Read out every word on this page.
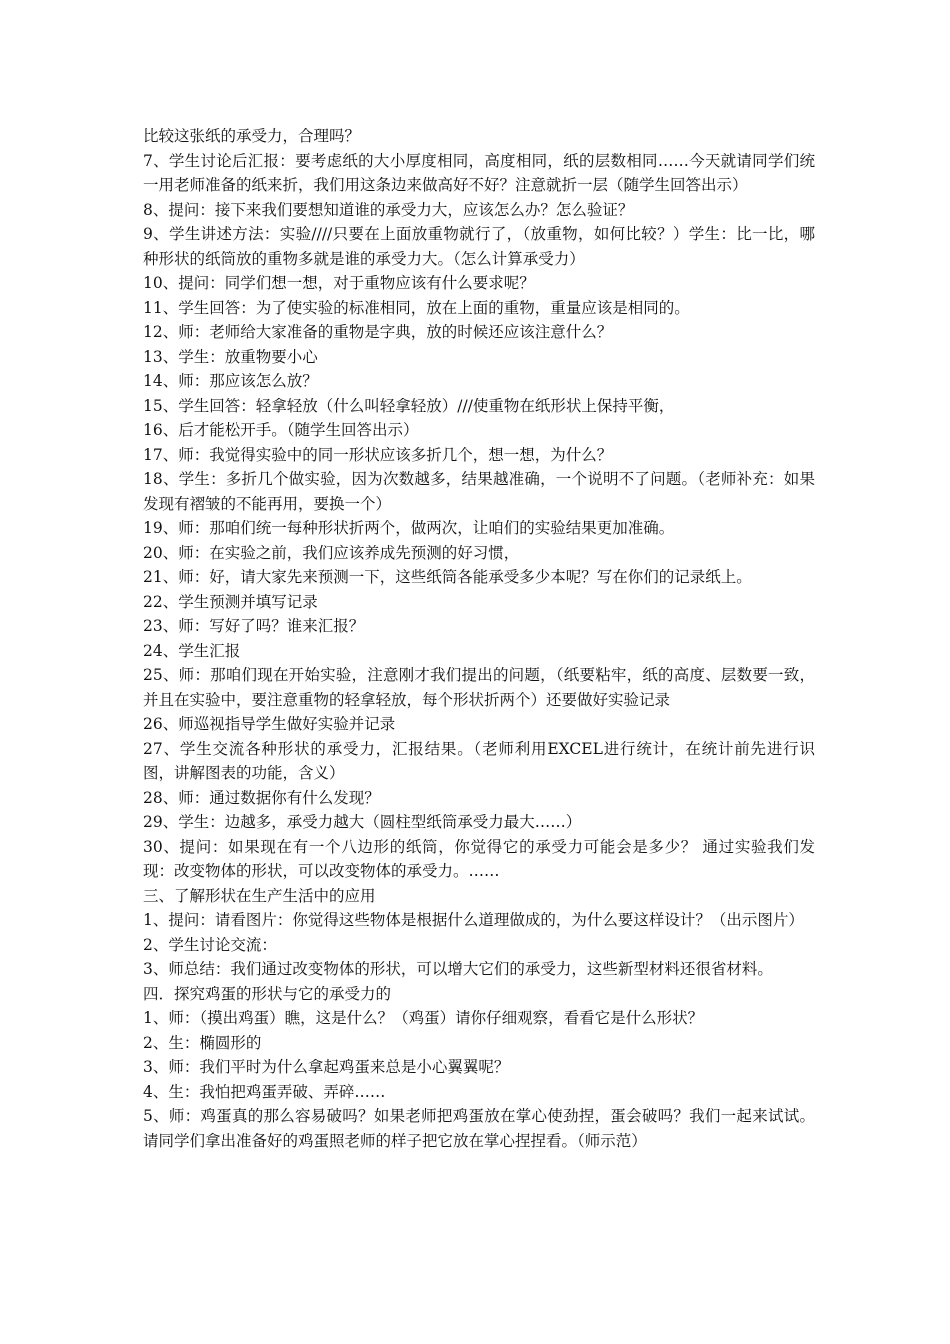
比较这张纸的承受力，合理吗？

7、学生讨论后汇报：要考虑纸的大小厚度相同，高度相同，纸的层数相同……今天就请同学们统一用老师准备的纸来折，我们用这条边来做高好不好？注意就折一层（随学生回答出示）

8、提问：接下来我们要想知道谁的承受力大，应该怎么办？怎么验证？

9、学生讲述方法：实验////只要在上面放重物就行了，（放重物，如何比较？）学生：比一比，哪种形状的纸筒放的重物多就是谁的承受力大。（怎么计算承受力）

10、提问：同学们想一想，对于重物应该有什么要求呢？

11、学生回答：为了使实验的标准相同，放在上面的重物，重量应该是相同的。

12、师：老师给大家准备的重物是字典，放的时候还应该注意什么？

13、学生：放重物要小心

14、师：那应该怎么放？

15、学生回答：轻拿轻放（什么叫轻拿轻放）///使重物在纸形状上保持平衡，

16、后才能松开手。（随学生回答出示）

17、师：我觉得实验中的同一形状应该多折几个，想一想，为什么？

18、学生：多折几个做实验，因为次数越多，结果越准确，一个说明不了问题。（老师补充：如果发现有褶皱的不能再用，要换一个）

19、师：那咱们统一每种形状折两个，做两次，让咱们的实验结果更加准确。

20、师：在实验之前，我们应该养成先预测的好习惯，

21、师：好，请大家先来预测一下，这些纸筒各能承受多少本呢？写在你们的记录纸上。

22、学生预测并填写记录

23、师：写好了吗？谁来汇报？

24、学生汇报

25、师：那咱们现在开始实验，注意刚才我们提出的问题，（纸要粘牢，纸的高度、层数要一致，并且在实验中，要注意重物的轻拿轻放，每个形状折两个）还要做好实验记录

26、师巡视指导学生做好实验并记录

27、学生交流各种形状的承受力，汇报结果。（老师利用EXCEL进行统计，在统计前先进行识图，讲解图表的功能，含义）

28、师：通过数据你有什么发现？

29、学生：边越多，承受力越大（圆柱型纸筒承受力最大……）

30、提问：如果现在有一个八边形的纸筒，你觉得它的承受力可能会是多少？ 通过实验我们发现：改变物体的形状，可以改变物体的承受力。……

三、了解形状在生产生活中的应用

1、提问：请看图片：你觉得这些物体是根据什么道理做成的，为什么要这样设计？（出示图片）

2、学生讨论交流：

3、师总结：我们通过改变物体的形状，可以增大它们的承受力，这些新型材料还很省材料。

四．探究鸡蛋的形状与它的承受力的

1、师：（摸出鸡蛋）瞧，这是什么？（鸡蛋）请你仔细观察，看看它是什么形状？

2、生：椭圆形的

3、师：我们平时为什么拿起鸡蛋来总是小心翼翼呢？

4、生：我怕把鸡蛋弄破、弄碎……

5、师：鸡蛋真的那么容易破吗？如果老师把鸡蛋放在掌心使劲捏，蛋会破吗？我们一起来试试。请同学们拿出准备好的鸡蛋照老师的样子把它放在掌心捏捏看。（师示范）
